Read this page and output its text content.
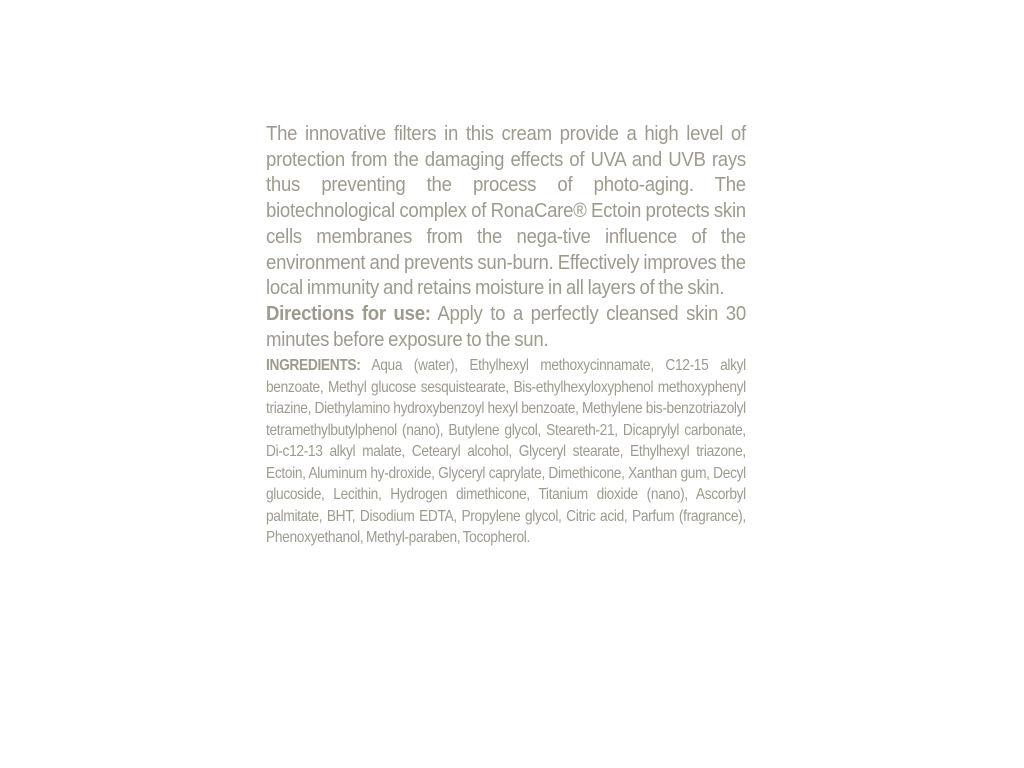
The innovative filters in this cream provide a high level of protection from the damaging effects of UVA and UVB rays thus preventing the process of photo-aging. The biotechnological complex of RonaCare® Ectoin protects skin cells membranes from the nega-tive influence of the environment and prevents sun-burn. Effectively improves the local immunity and retains moisture in all layers of the skin.

Directions for use: Apply to a perfectly cleansed skin 30 minutes before exposure to the sun.

INGREDIENTS: Aqua (water), Ethylhexyl methoxycinnamate, C12-15 alkyl benzoate, Methyl glucose sesquistearate, Bis-ethylhexyloxyphenol methoxyphenyl triazine, Diethylamino hydroxybenzoyl hexyl benzoate, Methylene bis-benzotriazolyl tetramethylbutylphenol (nano), Butylene glycol, Steareth-21, Dicaprylyl carbonate, Di-c12-13 alkyl malate, Cetearyl alcohol, Glyceryl stearate, Ethylhexyl triazone, Ectoin, Aluminum hy-droxide, Glyceryl caprylate, Dimethicone, Xanthan gum, Decyl glucoside, Lecithin, Hydrogen dimethicone, Titanium dioxide (nano), Ascorbyl palmitate, BHT, Disodium EDTA, Propylene glycol, Citric acid, Parfum (fragrance), Phenoxyethanol, Methyl-paraben, Tocopherol.
